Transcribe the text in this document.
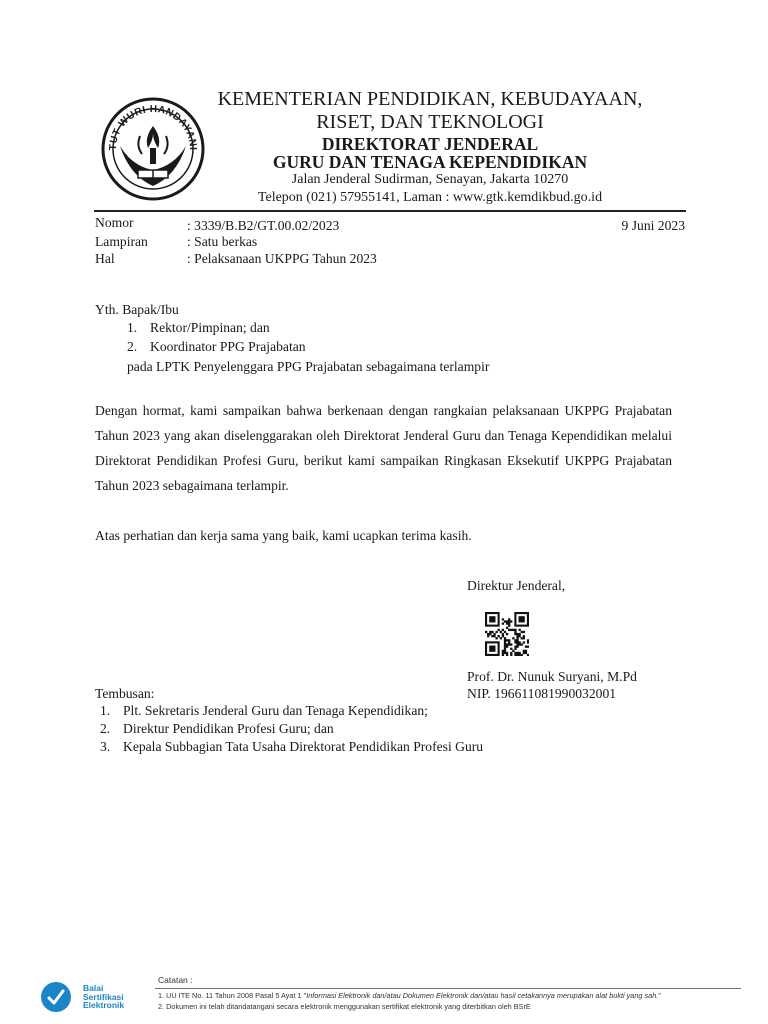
TUT WURI HANDAYANI
KEMENTERIAN PENDIDIKAN, KEBUDAYAAN,
RISET, DAN TEKNOLOGI
DIREKTORAT JENDERAL
GURU DAN TENAGA KEPENDIDIKAN
Jalan Jenderal Sudirman, Senayan, Jakarta 10270
Telepon (021) 57955141, Laman : www.gtk.kemdikbud.go.id
Nomor	: 3339/B.B2/GT.00.02/2023	9 Juni 2023
Lampiran	: Satu berkas
Hal	: Pelaksanaan UKPPG Tahun 2023
Yth. Bapak/Ibu
1. Rektor/Pimpinan; dan
2. Koordinator PPG Prajabatan
pada LPTK Penyelenggara PPG Prajabatan sebagaimana terlampir
Dengan hormat, kami sampaikan bahwa berkenaan dengan rangkaian pelaksanaan UKPPG Prajabatan Tahun 2023 yang akan diselenggarakan oleh Direktorat Jenderal Guru dan Tenaga Kependidikan melalui Direktorat Pendidikan Profesi Guru, berikut kami sampaikan Ringkasan Eksekutif UKPPG Prajabatan Tahun 2023 sebagaimana terlampir.
Atas perhatian dan kerja sama yang baik, kami ucapkan terima kasih.
Direktur Jenderal,
Prof. Dr. Nunuk Suryani, M.Pd
NIP. 196611081990032001
Tembusan:
1. Plt. Sekretaris Jenderal Guru dan Tenaga Kependidikan;
2. Direktur Pendidikan Profesi Guru; dan
3. Kepala Subbagian Tata Usaha Direktorat Pendidikan Profesi Guru
Balai
Sertifikasi
Elektronik
Catatan :
1. UU ITE No. 11 Tahun 2008 Pasal 5 Ayat 1 "Informasi Elektronik dan/atau Dokumen Elektronik dan/atau hasil cetakannya merupakan alat bukti yang sah."
2. Dokumen ini telah ditandatangani secara elektronik menggunakan sertifikat elektronik yang diterbitkan oleh BSrE
